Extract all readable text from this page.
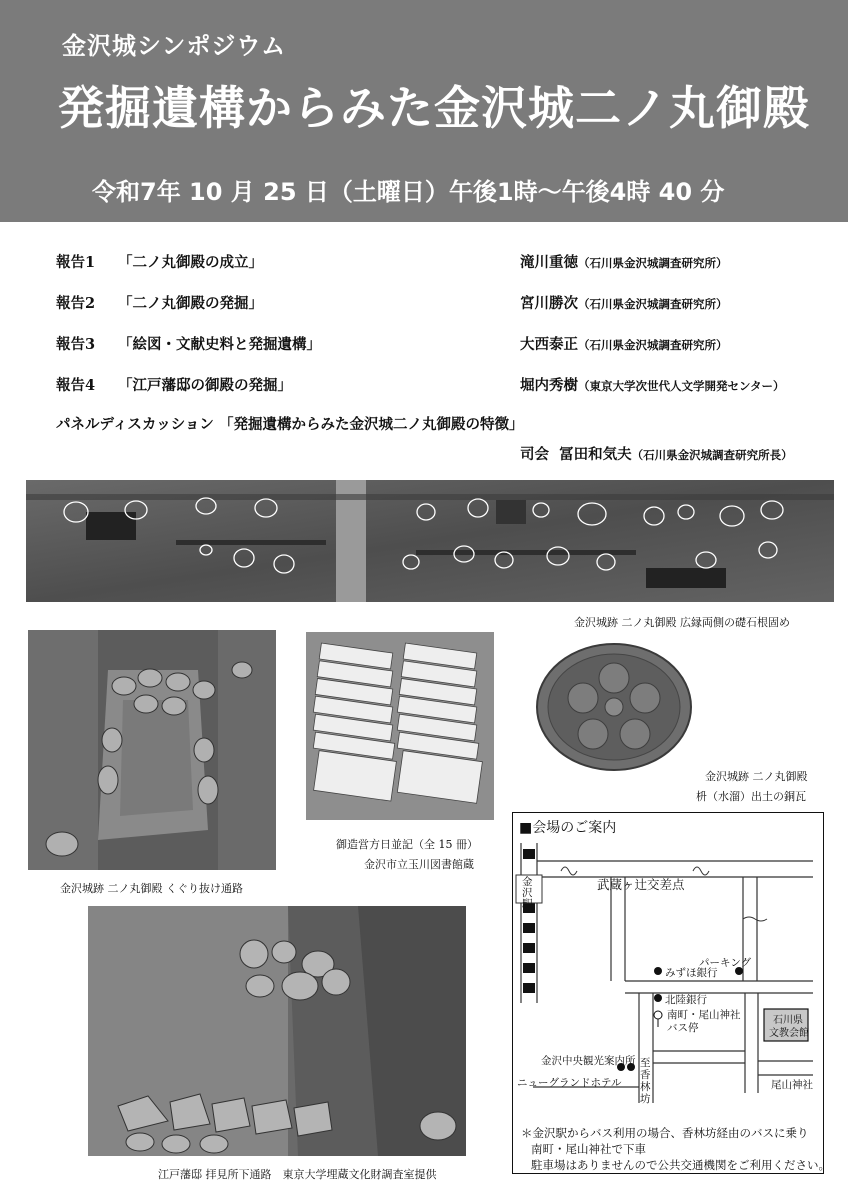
金沢城シンポジウム
発掘遺構からみた金沢城二ノ丸御殿
令和7年 10 月 25 日（土曜日）午後1時～午後4時 40 分
報告1 「二ノ丸御殿の成立」	滝川重徳（石川県金沢城調査研究所）
報告2 「二ノ丸御殿の発掘」	宮川勝次（石川県金沢城調査研究所）
報告3 「絵図・文献史料と発掘遺構」	大西泰正（石川県金沢城調査研究所）
報告4 「江戸藩邸の御殿の発掘」	堀内秀樹（東京大学次世代人文学開発センター）
パネルディスカッション 「発掘遺構からみた金沢城二ノ丸御殿の特徴」
司会 冨田和気夫（石川県金沢城調査研究所長）
金沢城跡 二ノ丸御殿 広縁両側の礎石根固め
金沢城跡 二ノ丸御殿 くぐり抜け通路
御造営方日並記（全 15 冊）
金沢市立玉川図書館蔵
金沢城跡 二ノ丸御殿
枡（水溜）出土の銅瓦
江戸藩邸 拝見所下通路　東京大学埋蔵文化財調査室提供
■会場のご案内
金沢駅
武蔵ヶ辻交差点
パーキング
みずほ銀行
北陸銀行
南町・尾山神社
バス停
石川県
文教会館
金沢中央観光案内所
ニューグランドホテル
至香林坊
尾山神社
＊金沢駅からバス利用の場合、香林坊経由のバスに乗り
南町・尾山神社で下車
駐車場はありませんので公共交通機関をご利用ください。
